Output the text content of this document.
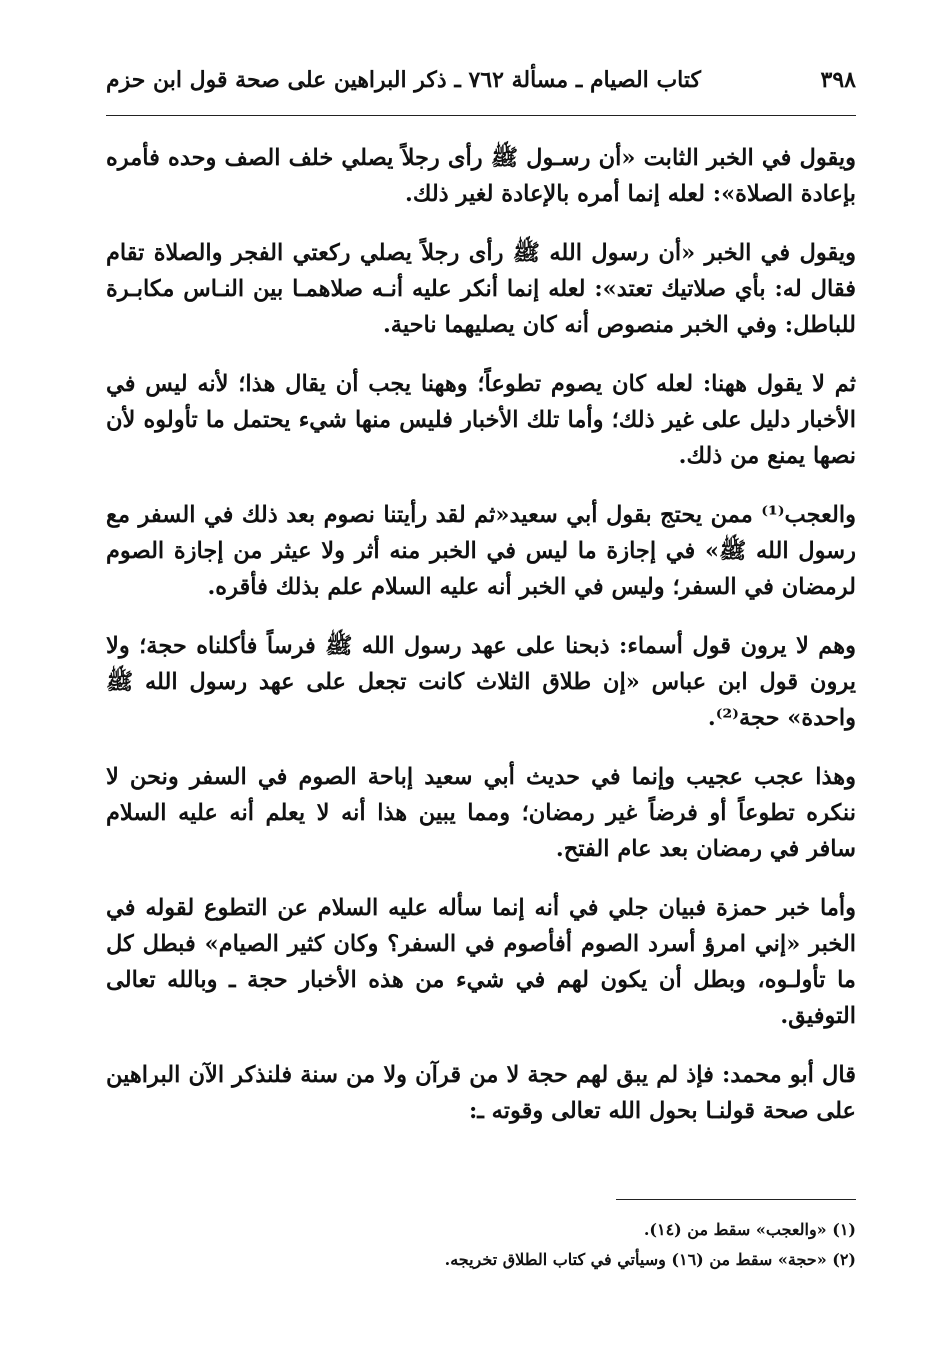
٣٩٨
كتاب الصيام ـ مسألة ٧٦٢ ـ ذكر البراهين على صحة قول ابن حزم

ويقول في الخبر الثابت «أن رسـول ﷺ رأى رجلاً يصلي خلف الصف وحده فأمره بإعادة الصلاة»: لعله إنما أمره بالإعادة لغير ذلك.

ويقول في الخبر «أن رسول الله ﷺ رأى رجلاً يصلي ركعتي الفجر والصلاة تقام فقال له: بأي صلاتيك تعتد»: لعله إنما أنكر عليه أنـه صلاهمـا بين النـاس مكابـرة للباطل: وفي الخبر منصوص أنه كان يصليهما ناحية.

ثم لا يقول ههنا: لعله كان يصوم تطوعاً؛ وههنا يجب أن يقال هذا؛ لأنه ليس في الأخبار دليل على غير ذلك؛ وأما تلك الأخبار فليس منها شيء يحتمل ما تأولوه لأن نصها يمنع من ذلك.

والعجب⁽¹⁾ ممن يحتج بقول أبي سعيد«ثم لقد رأيتنا نصوم بعد ذلك في السفر مع رسول الله ﷺ» في إجازة ما ليس في الخبر منه أثر ولا عيثر من إجازة الصوم لرمضان في السفر؛ وليس في الخبر أنه عليه السلام علم بذلك فأقره.

وهم لا يرون قول أسماء: ذبحنا على عهد رسول الله ﷺ فرساً فأكلناه حجة؛ ولا يرون قول ابن عباس «إن طلاق الثلاث كانت تجعل على عهد رسول الله ﷺ واحدة» حجة⁽²⁾.

وهذا عجب عجيب وإنما في حديث أبي سعيد إباحة الصوم في السفر ونحن لا ننكره تطوعاً أو فرضاً غير رمضان؛ ومما يبين هذا أنه لا يعلم أنه عليه السلام سافر في رمضان بعد عام الفتح.

وأما خبر حمزة فبيان جلي في أنه إنما سأله عليه السلام عن التطوع لقوله في الخبر «إني امرؤ أسرد الصوم أفأصوم في السفر؟ وكان كثير الصيام» فبطل كل ما تأولـوه، وبطل أن يكون لهم في شيء من هذه الأخبار حجة ـ وبالله تعالى التوفيق.

قال أبو محمد: فإذ لم يبق لهم حجة لا من قرآن ولا من سنة فلنذكر الآن البراهين على صحة قولنـا بحول الله تعالى وقوته ـ:

(١) «والعجب» سقط من (١٤).
(٢) «حجة» سقط من (١٦) وسيأتي في كتاب الطلاق تخريجه.
